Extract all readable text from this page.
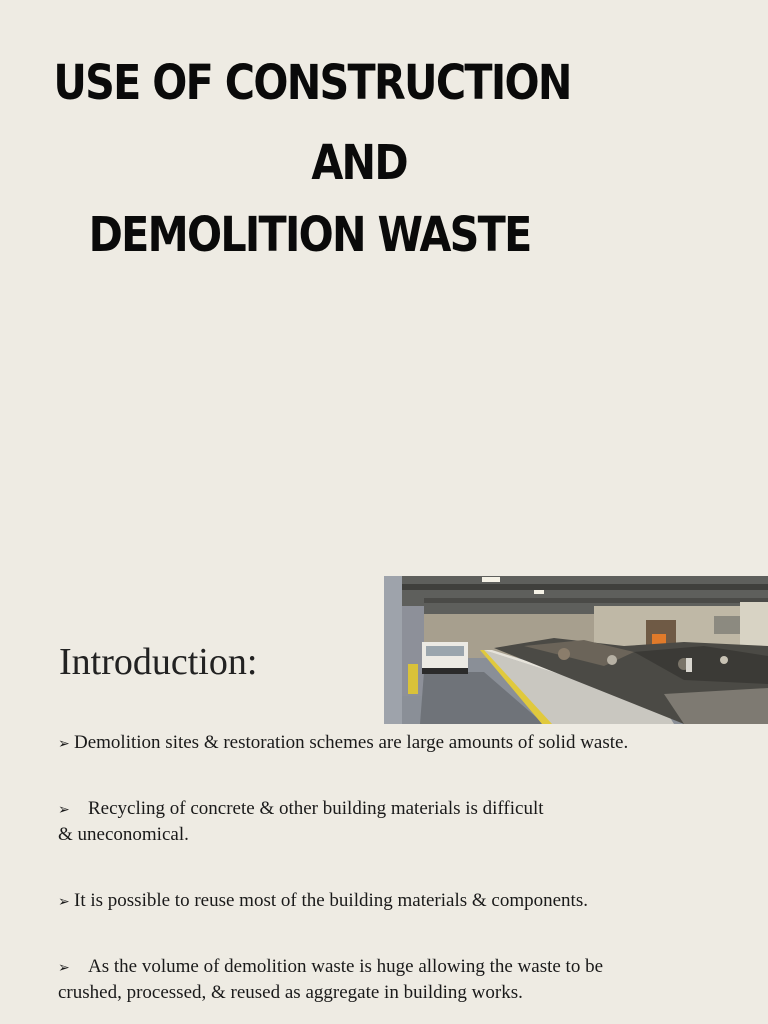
USE OF CONSTRUCTION
AND
DEMOLITION WASTE
Introduction:
➢ Demolition sites & restoration schemes are large amounts of solid waste.
➢ Recycling of concrete & other building materials is difficult
& uneconomical.
➢ It is possible to reuse most of the building materials & components.
➢ As the volume of demolition waste is huge allowing the waste to be
crushed, processed, & reused as aggregate in building works.
